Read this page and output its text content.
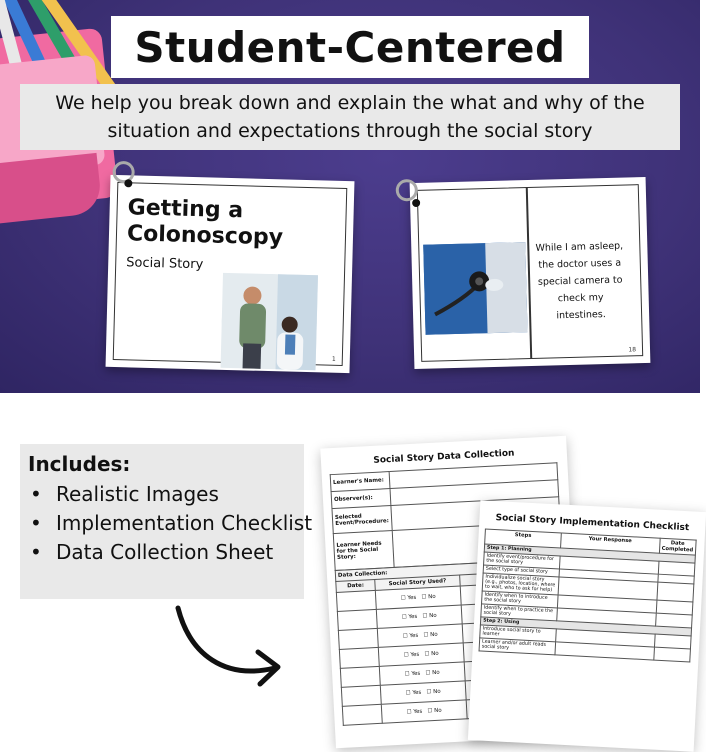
Student-Centered
We help you break down and explain the what and why of the situation and expectations through the social story
Getting a
Colonoscopy
Social Story
1
While I am asleep, the doctor uses a special camera to check my intestines.
18
Includes:
• Realistic Images
• Implementation Checklist
• Data Collection Sheet
Social Story Data Collection
Learner's Name:	
Observer(s):	
Selected Event/Procedure:	
Learner Needs for the Social Story:	
Data Collection:		
Date:	Social Story Used?	
	☐ Yes   ☐ No	
	☐ Yes   ☐ No	
	☐ Yes   ☐ No	
	☐ Yes   ☐ No	
	☐ Yes   ☐ No	
	☐ Yes   ☐ No	
	☐ Yes   ☐ No	
Social Story Implementation Checklist
Steps	Your Response	Date Completed
Step 1: Planning		
Identify event/procedure for the social story		
Select type of social story		
Individualize social story (e.g., photos, location, where to wait, who to ask for help)		
Identify when to introduce the social story		
Identify when to practice the social story		
Step 2: Using		
Introduce social story to learner		
Learner and/or adult reads social story		
